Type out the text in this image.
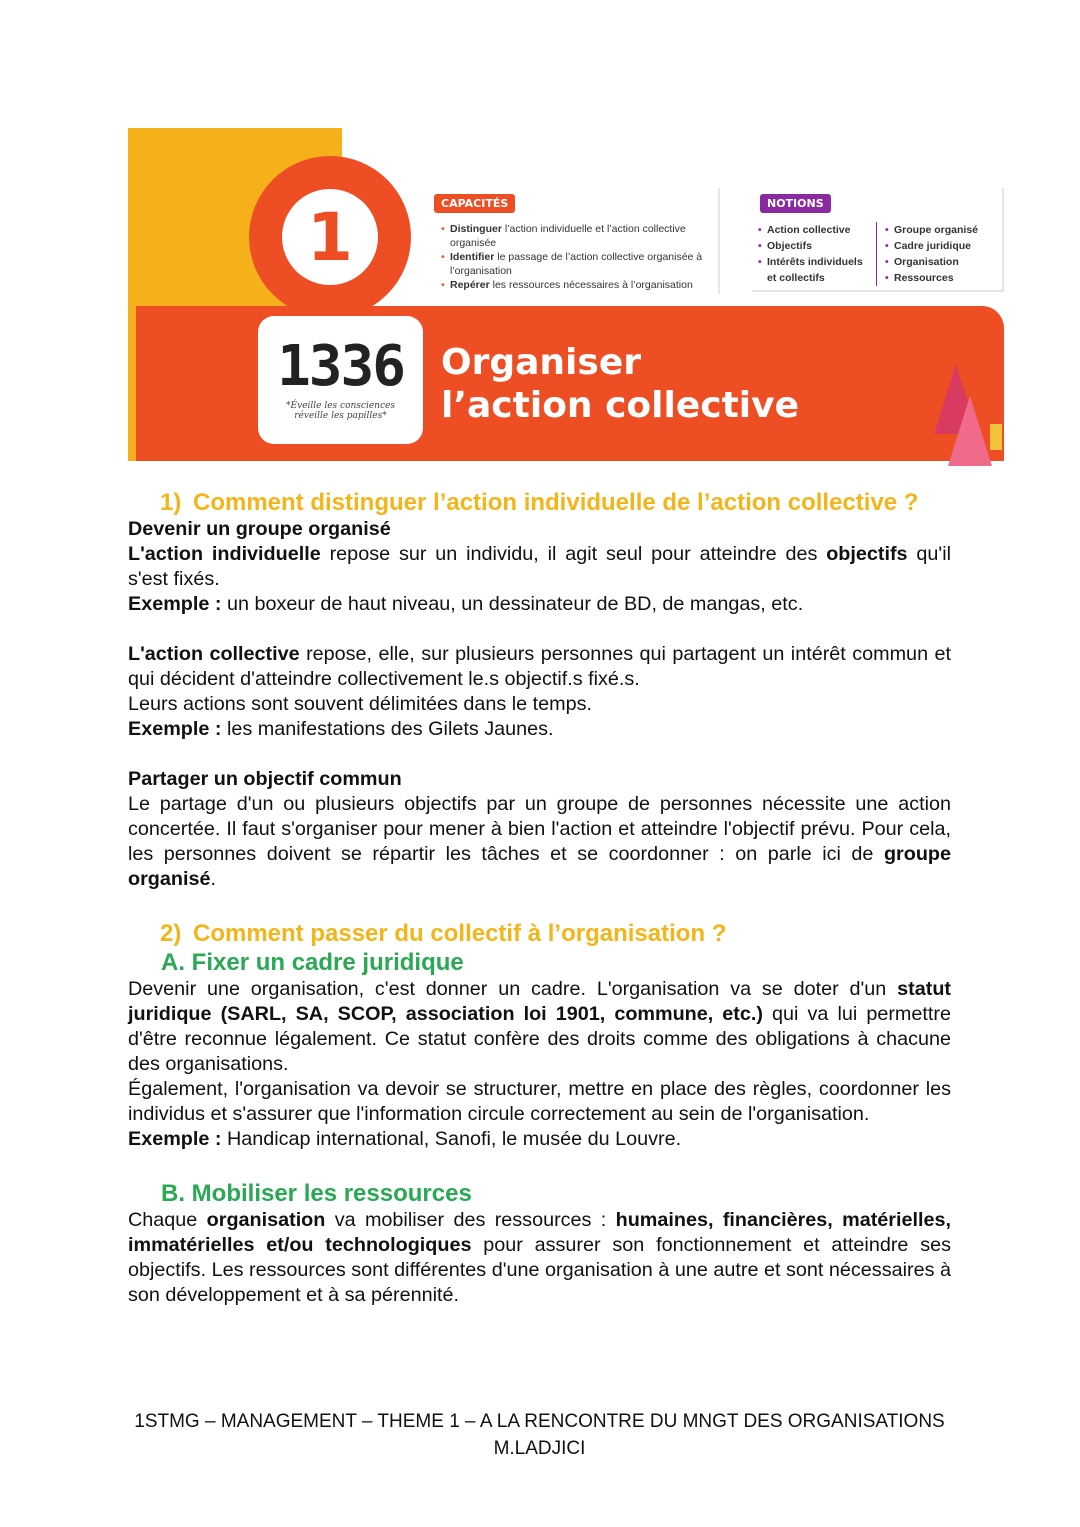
1	CAPACITÉS
• Distinguer l’action individuelle et l’action collective organisée
• Identifier le passage de l’action collective organisée à l’organisation
• Repérer les ressources nécessaires à l’organisation
NOTIONS
• Action collective
• Objectifs
• Intérêts individuels et collectifs
• Groupe organisé
• Cadre juridique
• Organisation
• Ressources
1336
*Éveille les consciences
réveille les papilles*
Organiser
l’action collective
1) Comment distinguer l’action individuelle de l’action collective ?

Devenir un groupe organisé

L'action individuelle repose sur un individu, il agit seul pour atteindre des objectifs qu'il s'est fixés.

Exemple : un boxeur de haut niveau, un dessinateur de BD, de mangas, etc.

L'action collective repose, elle, sur plusieurs personnes qui partagent un intérêt commun et qui décident d'atteindre collectivement le.s objectif.s fixé.s.

Leurs actions sont souvent délimitées dans le temps.

Exemple : les manifestations des Gilets Jaunes.

Partager un objectif commun

Le partage d'un ou plusieurs objectifs par un groupe de personnes nécessite une action concertée. Il faut s'organiser pour mener à bien l'action et atteindre l'objectif prévu. Pour cela, les personnes doivent se répartir les tâches et se coordonner : on parle ici de groupe organisé.

2) Comment passer du collectif à l’organisation ?
A. Fixer un cadre juridique

Devenir une organisation, c'est donner un cadre. L'organisation va se doter d'un statut juridique (SARL, SA, SCOP, association loi 1901, commune, etc.) qui va lui permettre d'être reconnue légalement. Ce statut confère des droits comme des obligations à chacune des organisations.

Également, l'organisation va devoir se structurer, mettre en place des règles, coordonner les individus et s'assurer que l'information circule correctement au sein de l'organisation.

Exemple : Handicap international, Sanofi, le musée du Louvre.

B. Mobiliser les ressources

Chaque organisation va mobiliser des ressources : humaines, financières, matérielles, immatérielles et/ou technologiques pour assurer son fonctionnement et atteindre ses objectifs. Les ressources sont différentes d'une organisation à une autre et sont nécessaires à son développement et à sa pérennité.

1STMG – MANAGEMENT – THEME 1 – A LA RENCONTRE DU MNGT DES ORGANISATIONS
M.LADJICI
